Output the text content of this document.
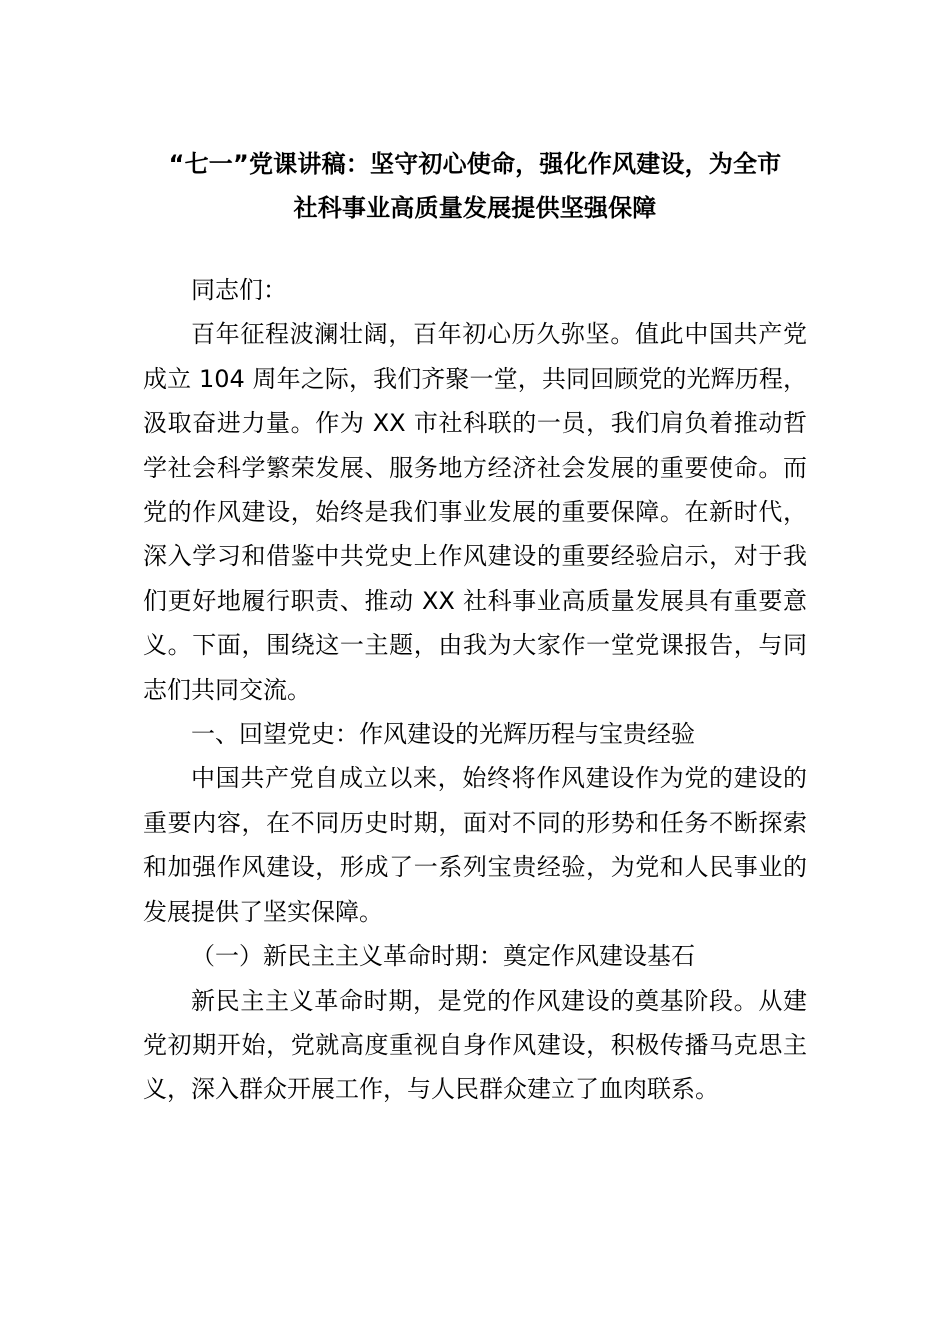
“七一”党课讲稿：坚守初心使命，强化作风建设，为全市
社科事业高质量发展提供坚强保障

同志们：

百年征程波澜壮阔，百年初心历久弥坚。值此中国共产党成立 104 周年之际，我们齐聚一堂，共同回顾党的光辉历程，汲取奋进力量。作为 XX 市社科联的一员，我们肩负着推动哲学社会科学繁荣发展、服务地方经济社会发展的重要使命。而党的作风建设，始终是我们事业发展的重要保障。在新时代，深入学习和借鉴中共党史上作风建设的重要经验启示，对于我们更好地履行职责、推动 XX 社科事业高质量发展具有重要意义。下面，围绕这一主题，由我为大家作一堂党课报告，与同志们共同交流。

一、回望党史：作风建设的光辉历程与宝贵经验

中国共产党自成立以来，始终将作风建设作为党的建设的重要内容，在不同历史时期，面对不同的形势和任务不断探索和加强作风建设，形成了一系列宝贵经验，为党和人民事业的发展提供了坚实保障。

（一）新民主主义革命时期：奠定作风建设基石

新民主主义革命时期，是党的作风建设的奠基阶段。从建党初期开始，党就高度重视自身作风建设，积极传播马克思主义，深入群众开展工作，与人民群众建立了血肉联系。
